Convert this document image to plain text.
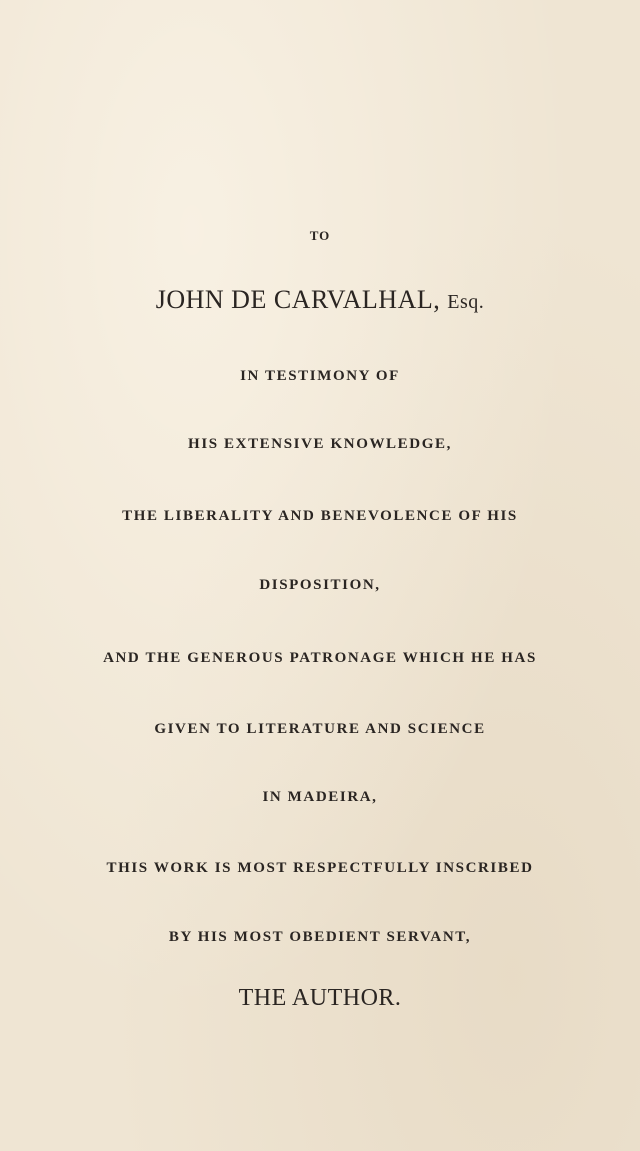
TO
JOHN DE CARVALHAL, Esq.
IN TESTIMONY OF
HIS EXTENSIVE KNOWLEDGE,
THE LIBERALITY AND BENEVOLENCE OF HIS
DISPOSITION,
AND THE GENEROUS PATRONAGE WHICH HE HAS
GIVEN TO LITERATURE AND SCIENCE
IN MADEIRA,
THIS WORK IS MOST RESPECTFULLY INSCRIBED
BY HIS MOST OBEDIENT SERVANT,
THE AUTHOR.
